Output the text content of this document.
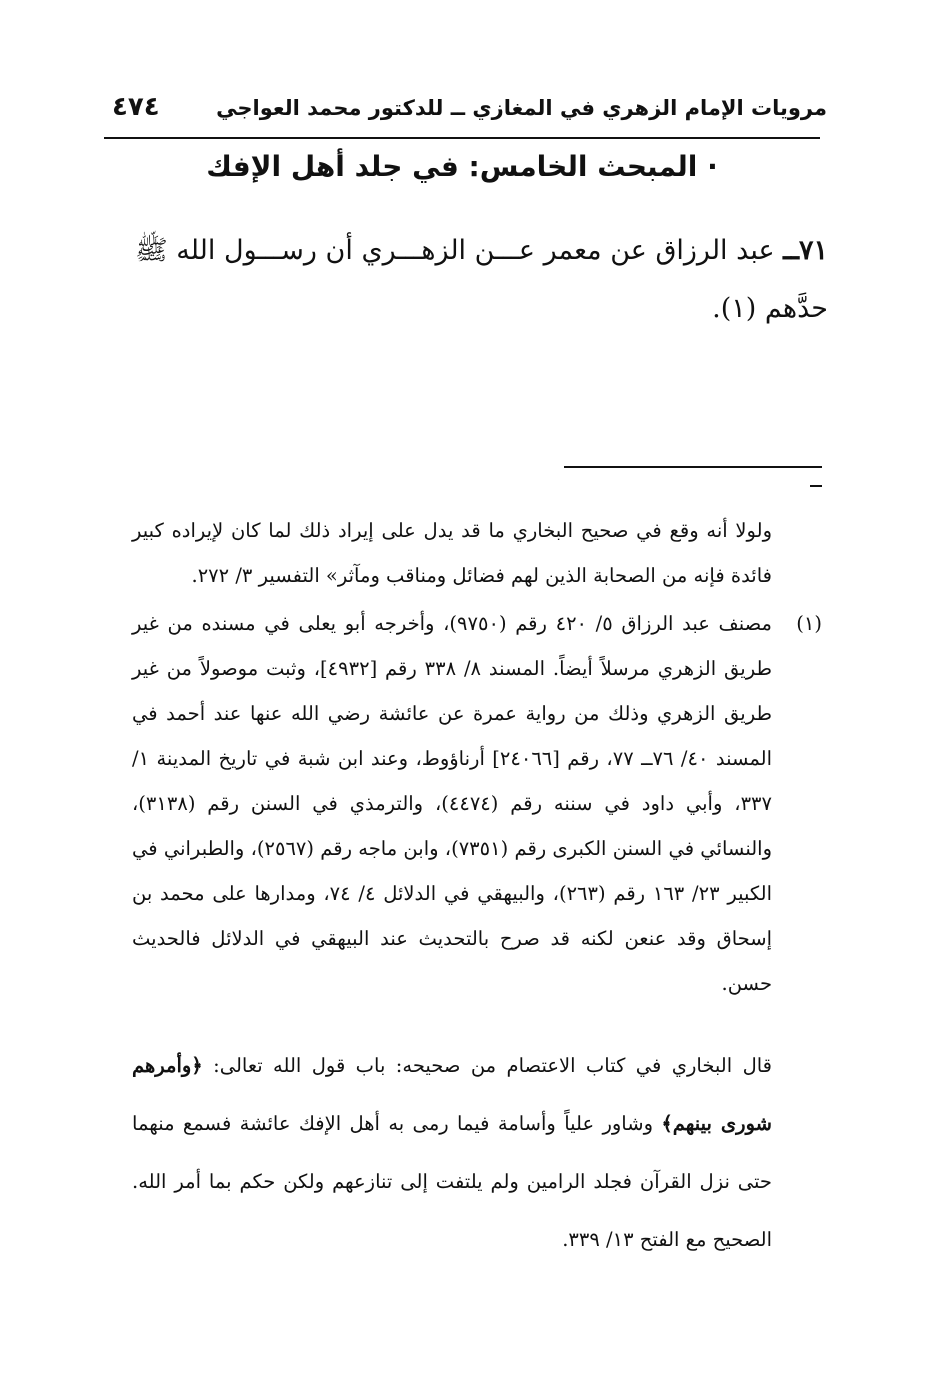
مرويات الإمام الزهري في المغازي ــ للدكتور محمد العواجي
٤٧٤
· المبحث الخامس: في جلد أهل الإفك
٧١ــ عبد الرزاق عن معمر عـــن الزهـــري أن رســـول الله ﷺ حدَّهم (١).
ولولا أنه وقع في صحيح البخاري ما قد يدل على إيراد ذلك لما كان لإيراده كبير فائدة فإنه من الصحابة الذين لهم فضائل ومناقب ومآثر» التفسير ٣/ ٢٧٢.
(١)
مصنف عبد الرزاق ٥/ ٤٢٠ رقم (٩٧٥٠)، وأخرجه أبو يعلى في مسنده من غير طريق الزهري مرسلاً أيضاً. المسند ٨/ ٣٣٨ رقم [٤٩٣٢]، وثبت موصولاً من غير طريق الزهري وذلك من رواية عمرة عن عائشة رضي الله عنها عند أحمد في المسند ٤٠/ ٧٦ــ ٧٧، رقم [٢٤٠٦٦] أرناؤوط، وعند ابن شبة في تاريخ المدينة ١/ ٣٣٧، وأبي داود في سننه رقم (٤٤٧٤)، والترمذي في السنن رقم (٣١٣٨)، والنسائي في السنن الكبرى رقم (٧٣٥١)، وابن ماجه رقم (٢٥٦٧)، والطبراني في الكبير ٢٣/ ١٦٣ رقم (٢٦٣)، والبيهقي في الدلائل ٤/ ٧٤، ومدارها على محمد بن إسحاق وقد عنعن لكنه قد صرح بالتحديث عند البيهقي في الدلائل فالحديث حسن.
قال البخاري في كتاب الاعتصام من صحيحه: باب قول الله تعالى: ﴿وأمرهم شورى بينهم﴾ وشاور علياً وأسامة فيما رمى به أهل الإفك عائشة فسمع منهما حتى نزل القرآن فجلد الرامين ولم يلتفت إلى تنازعهم ولكن حكم بما أمر الله. الصحيح مع الفتح ١٣/ ٣٣٩.
